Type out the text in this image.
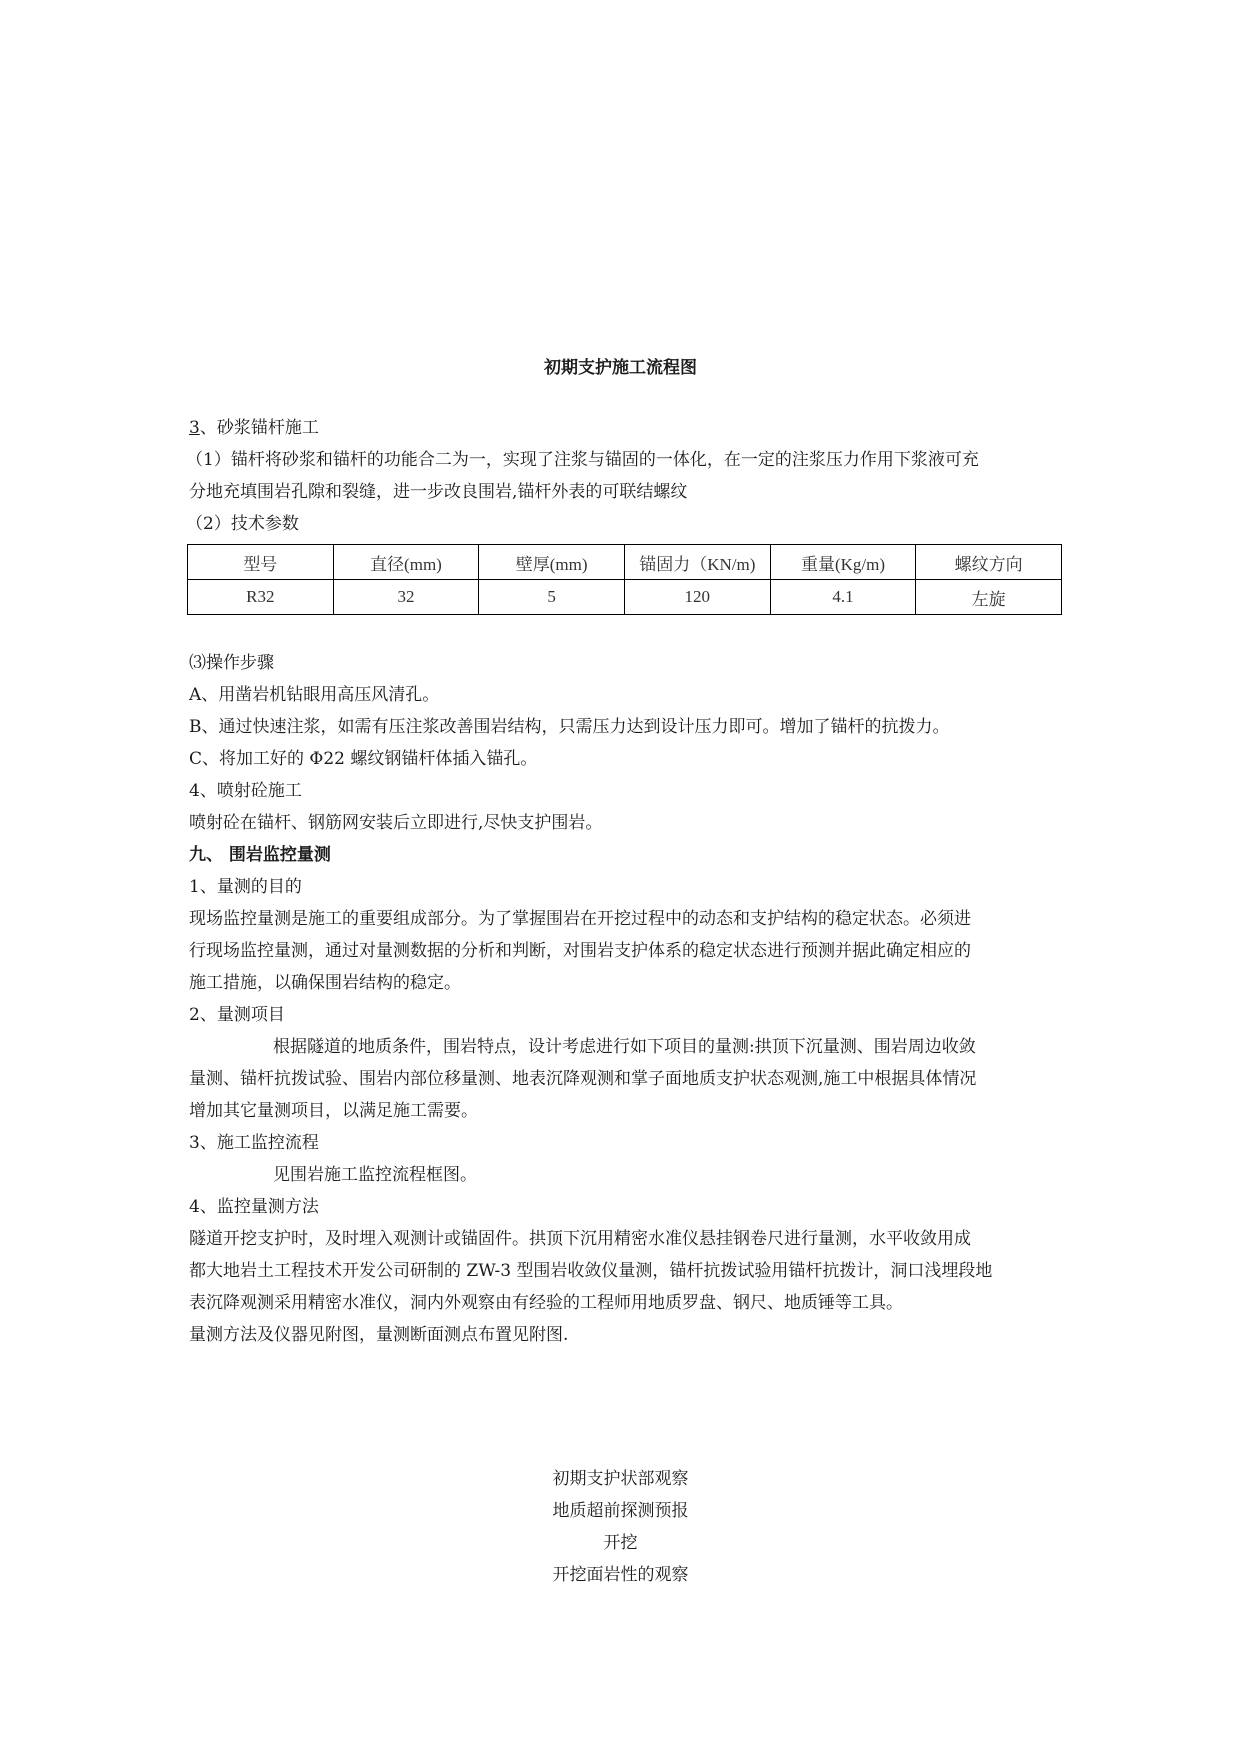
初期支护施工流程图
3、砂浆锚杆施工
（1）锚杆将砂浆和锚杆的功能合二为一，实现了注浆与锚固的一体化，在一定的注浆压力作用下浆液可充
分地充填围岩孔隙和裂缝，进一步改良围岩,锚杆外表的可联结螺纹
（2）技术参数
型号	直径(mm)	壁厚(mm)	锚固力（KN/m)	重量(Kg/m)	螺纹方向
R32	32	5	120	4.1	左旋
⑶操作步骤
A、用凿岩机钻眼用高压风清孔。
B、通过快速注浆，如需有压注浆改善围岩结构，只需压力达到设计压力即可。增加了锚杆的抗拨力。
C、将加工好的 Φ22 螺纹钢锚杆体插入锚孔。
4、喷射砼施工
喷射砼在锚杆、钢筋网安装后立即进行,尽快支护围岩。
九、 围岩监控量测
1、量测的目的
现场监控量测是施工的重要组成部分。为了掌握围岩在开挖过程中的动态和支护结构的稳定状态。必须进
行现场监控量测，通过对量测数据的分析和判断，对围岩支护体系的稳定状态进行预测并据此确定相应的
施工措施，以确保围岩结构的稳定。
2、量测项目
根据隧道的地质条件，围岩特点，设计考虑进行如下项目的量测:拱顶下沉量测、围岩周边收敛
量测、锚杆抗拨试验、围岩内部位移量测、地表沉降观测和掌子面地质支护状态观测,施工中根据具体情况
增加其它量测项目，以满足施工需要。
3、施工监控流程
见围岩施工监控流程框图。
4、监控量测方法
隧道开挖支护时，及时埋入观测计或锚固件。拱顶下沉用精密水准仪悬挂钢卷尺进行量测，水平收敛用成
都大地岩土工程技术开发公司研制的 ZW-3 型围岩收敛仪量测，锚杆抗拨试验用锚杆抗拨计，洞口浅埋段地
表沉降观测采用精密水准仪，洞内外观察由有经验的工程师用地质罗盘、钢尺、地质锤等工具。
量测方法及仪器见附图，量测断面测点布置见附图.
初期支护状部观察
地质超前探测预报
开挖
开挖面岩性的观察
